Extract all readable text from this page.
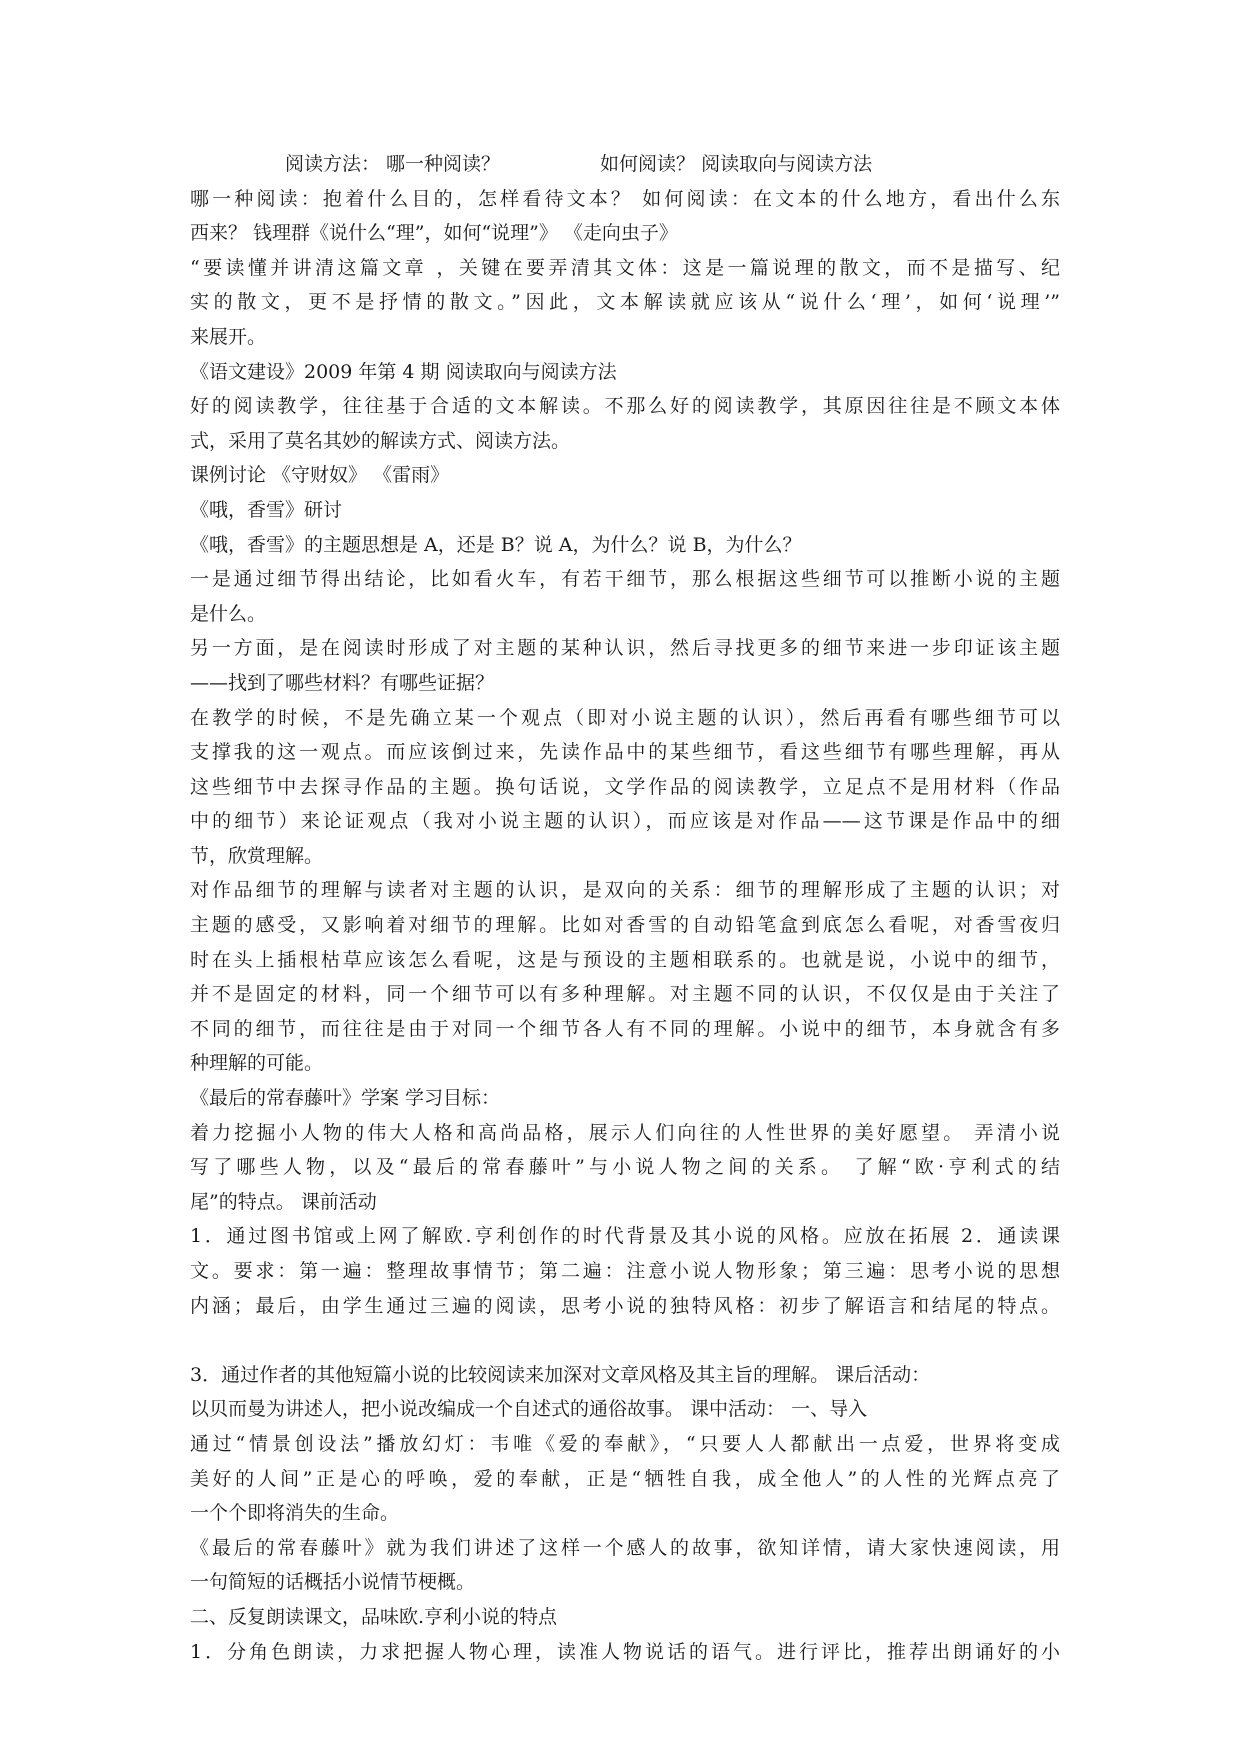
阅读方法： 哪一种阅读？	如何阅读？ 阅读取向与阅读方法
哪一种阅读：抱着什么目的，怎样看待文本？ 如何阅读：在文本的什么地方，看出什么东
西来？ 钱理群《说什么“理”，如何“说理”》 《走向虫子》
“要读懂并讲清这篇文章 ，关键在要弄清其文体：这是一篇说理的散文，而不是描写、纪
实的散文，更不是抒情的散文。”因此，文本解读就应该从“说什么‘理’，如何‘说理’”
来展开。
《语文建设》2009 年第 4 期 阅读取向与阅读方法
好的阅读教学，往往基于合适的文本解读。不那么好的阅读教学，其原因往往是不顾文本体
式，采用了莫名其妙的解读方式、阅读方法。
课例讨论 《守财奴》 《雷雨》
《哦，香雪》研讨
《哦，香雪》的主题思想是 A，还是 B？说 A，为什么？说 B，为什么？
一是通过细节得出结论，比如看火车，有若干细节，那么根据这些细节可以推断小说的主题
是什么。
另一方面，是在阅读时形成了对主题的某种认识，然后寻找更多的细节来进一步印证该主题
——找到了哪些材料？有哪些证据？
在教学的时候，不是先确立某一个观点（即对小说主题的认识），然后再看有哪些细节可以
支撑我的这一观点。而应该倒过来，先读作品中的某些细节，看这些细节有哪些理解，再从
这些细节中去探寻作品的主题。换句话说，文学作品的阅读教学，立足点不是用材料（作品
中的细节）来论证观点（我对小说主题的认识），而应该是对作品——这节课是作品中的细
节，欣赏理解。
对作品细节的理解与读者对主题的认识，是双向的关系：细节的理解形成了主题的认识；对
主题的感受，又影响着对细节的理解。比如对香雪的自动铅笔盒到底怎么看呢，对香雪夜归
时在头上插根枯草应该怎么看呢，这是与预设的主题相联系的。也就是说，小说中的细节，
并不是固定的材料，同一个细节可以有多种理解。对主题不同的认识，不仅仅是由于关注了
不同的细节，而往往是由于对同一个细节各人有不同的理解。小说中的细节，本身就含有多
种理解的可能。
《最后的常春藤叶》学案 学习目标：
着力挖掘小人物的伟大人格和高尚品格，展示人们向往的人性世界的美好愿望。 弄清小说
写了哪些人物，以及“最后的常春藤叶”与小说人物之间的关系。 了解“欧·亨利式的结
尾”的特点。 课前活动
1．通过图书馆或上网了解欧.亨利创作的时代背景及其小说的风格。应放在拓展 2．通读课
文。要求：第一遍：整理故事情节；第二遍：注意小说人物形象；第三遍：思考小说的思想
内涵；最后，由学生通过三遍的阅读，思考小说的独特风格：初步了解语言和结尾的特点。
3．通过作者的其他短篇小说的比较阅读来加深对文章风格及其主旨的理解。 课后活动：
以贝而曼为讲述人，把小说改编成一个自述式的通俗故事。 课中活动： 一、导入
通过“情景创设法”播放幻灯：韦唯《爱的奉献》，“只要人人都献出一点爱，世界将变成
美好的人间”正是心的呼唤，爱的奉献，正是“牺牲自我，成全他人”的人性的光辉点亮了
一个个即将消失的生命。
《最后的常春藤叶》就为我们讲述了这样一个感人的故事，欲知详情，请大家快速阅读，用
一句简短的话概括小说情节梗概。
二、反复朗读课文，品味欧.亨利小说的特点
1．分角色朗读，力求把握人物心理，读准人物说话的语气。进行评比，推荐出朗诵好的小
